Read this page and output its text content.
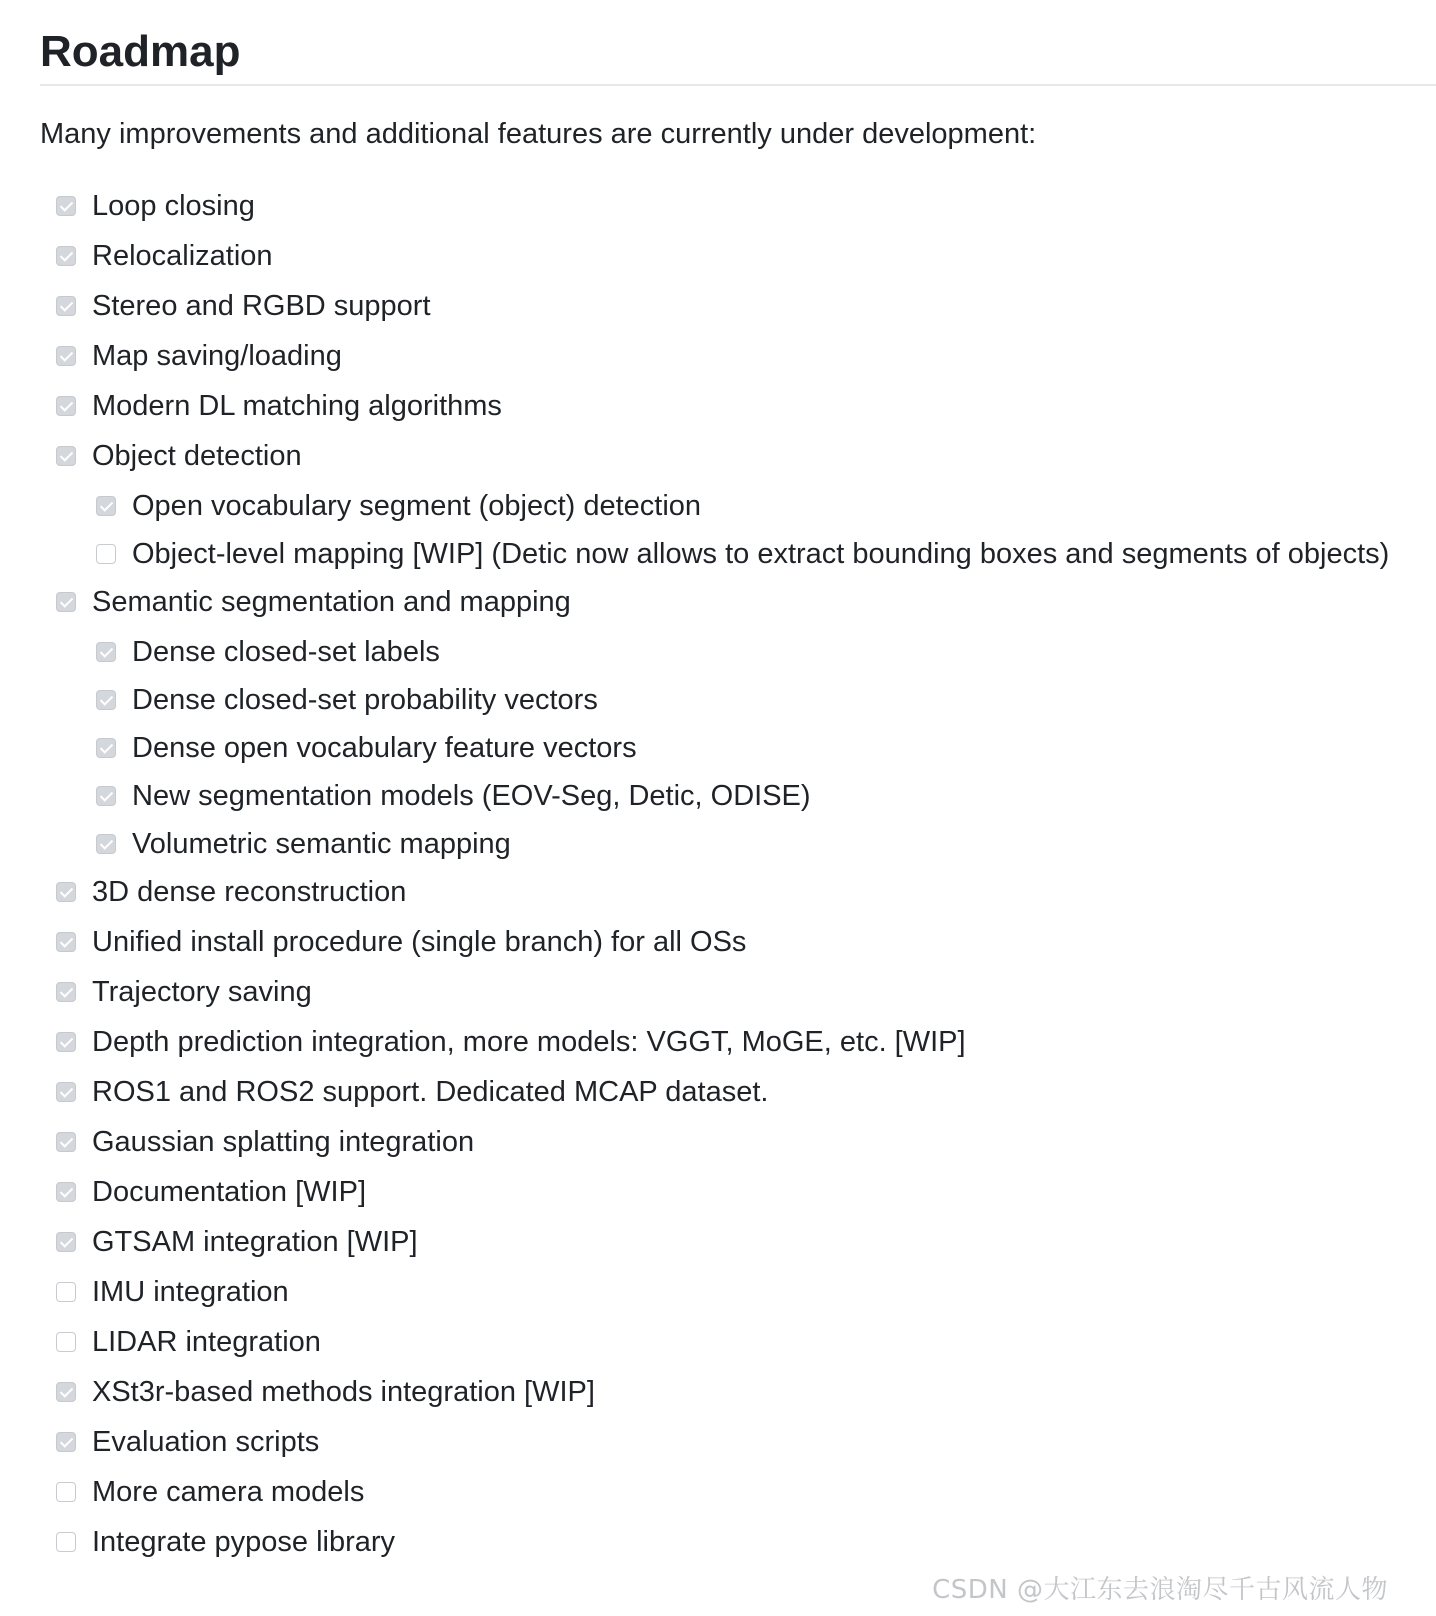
Roadmap

Many improvements and additional features are currently under development:

Loop closing
Relocalization
Stereo and RGBD support
Map saving/loading
Modern DL matching algorithms
Object detection
Open vocabulary segment (object) detection
Object-level mapping [WIP] (Detic now allows to extract bounding boxes and segments of objects)
Semantic segmentation and mapping
Dense closed-set labels
Dense closed-set probability vectors
Dense open vocabulary feature vectors
New segmentation models (EOV-Seg, Detic, ODISE)
Volumetric semantic mapping
3D dense reconstruction
Unified install procedure (single branch) for all OSs
Trajectory saving
Depth prediction integration, more models: VGGT, MoGE, etc. [WIP]
ROS1 and ROS2 support. Dedicated MCAP dataset.
Gaussian splatting integration
Documentation [WIP]
GTSAM integration [WIP]
IMU integration
LIDAR integration
XSt3r-based methods integration [WIP]
Evaluation scripts
More camera models
Integrate pypose library
CSDN @大江东去浪淘尽千古风流人物
